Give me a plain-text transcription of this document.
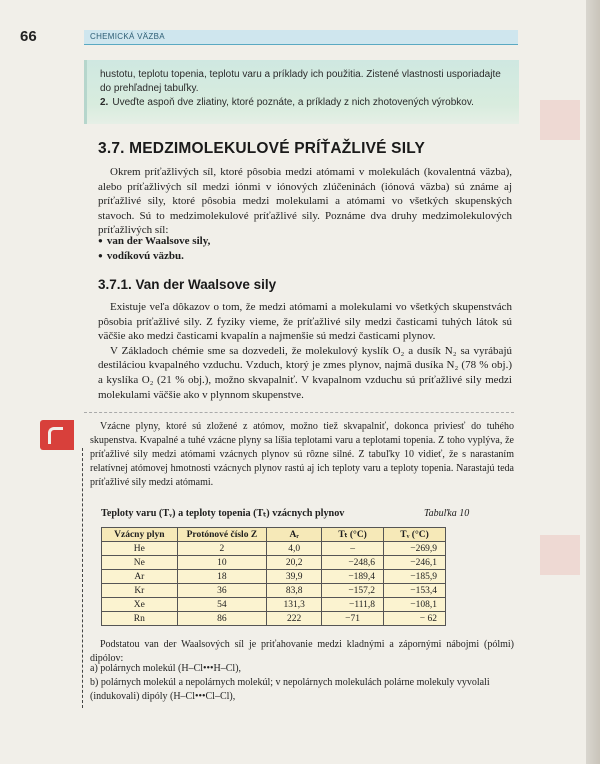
66	CHEMICKÁ VÄZBA

hustotu, teplotu topenia, teplotu varu a príklady ich použitia. Zistené vlastnosti usporiadajte do prehľadnej tabuľky.

2. Uveďte aspoň dve zliatiny, ktoré poznáte, a príklady z nich zhotovených výrobkov.

3.7. MEDZIMOLEKULOVÉ PRÍŤAŽLIVÉ SILY

Okrem príťažlivých síl, ktoré pôsobia medzi atómami v molekulách (kovalentná väzba), alebo príťažlivých síl medzi iónmi v iónových zlúčeninách (iónová väzba) sú známe aj príťažlivé sily, ktoré pôsobia medzi molekulami a atómami vo všetkých skupenských stavoch. Sú to medzimolekulové príťažlivé sily. Poznáme dva druhy medzimolekulových príťažlivých síl:

● van der Waalsove sily,
● vodíkovú väzbu.
3.7.1. Van der Waalsove sily

Existuje veľa dôkazov o tom, že medzi atómami a molekulami vo všetkých skupenstvách pôsobia príťažlivé sily. Z fyziky vieme, že príťažlivé sily medzi časticami tuhých látok sú väčšie ako medzi časticami kvapalín a najmenšie sú medzi časticami plynov.

V Základoch chémie sme sa dozvedeli, že molekulový kyslík O₂ a dusík N₂ sa vyrábajú destiláciou kvapalného vzduchu. Vzduch, ktorý je zmes plynov, najmä dusíka N₂ (78 % obj.) a kyslíka O₂ (21 % obj.), možno skvapalniť. V kvapalnom vzduchu sú príťažlivé sily medzi molekulami väčšie ako v plynnom skupenstve.

Vzácne plyny, ktoré sú zložené z atómov, možno tiež skvapalniť, dokonca priviesť do tuhého skupenstva. Kvapalné a tuhé vzácne plyny sa líšia teplotami varu a teplotami topenia. Z toho vyplýva, že príťažlivé sily medzi atómami vzácnych plynov sú rôzne silné. Z tabuľky 10 vidieť, že s narastaním relatívnej atómovej hmotnosti vzácnych plynov rastú aj ich teploty varu a teploty topenia. Narastajú teda príťažlivé sily medzi atómami.

Teploty varu (Tᵥ) a teploty topenia (Tₜ) vzácnych plynov	Tabuľka 10
Vzácny plyn	Protónové číslo Z	Aᵣ	Tₜ (°C)	Tᵥ (°C)
He	2	4,0	–	−269,9
Ne	10	20,2	−248,6	−246,1
Ar	18	39,9	−189,4	−185,9
Kr	36	83,8	−157,2	−153,4
Xe	54	131,3	−111,8	−108,1
Rn	86	222	−71	− 62

Podstatou van der Waalsových síl je priťahovanie medzi kladnými a zápornými nábojmi (pólmi) dipólov:

a) polárnych molekúl (H–Cl•••H–Cl),

b) polárnych molekúl a nepolárnych molekúl; v nepolárnych molekulách polárne molekuly vyvolali (indukovali) dipóly (H–Cl•••Cl–Cl),
